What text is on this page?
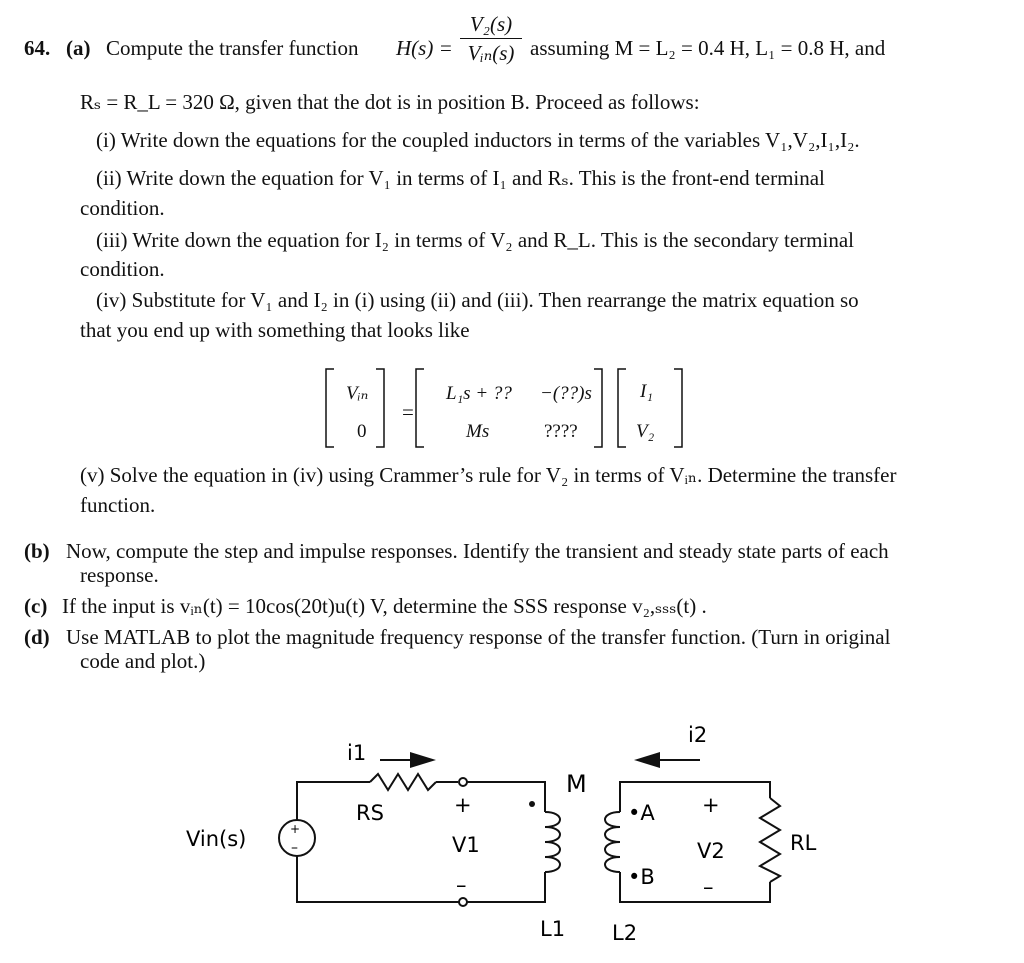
64. (a) Compute the transfer function H(s) =
V₂(s)
Vᵢₙ(s) assuming M = L₂ = 0.4 H, L₁ = 0.8 H, and
Rₛ = R_L = 320 Ω, given that the dot is in position B. Proceed as follows:
(i) Write down the equations for the coupled inductors in terms of the variables V₁,V₂,I₁,I₂.
(ii) Write down the equation for V₁ in terms of I₁ and Rₛ. This is the front-end terminal
condition.
(iii) Write down the equation for I₂ in terms of V₂ and R_L. This is the secondary terminal
condition.
(iv) Substitute for V₁ and I₂ in (i) using (ii) and (iii). Then rearrange the matrix equation so
that you end up with something that looks like
Vᵢₙ
0
=
L₁s + ?? −(??)s
Ms	????
I₁
V₂
(v) Solve the equation in (iv) using Crammer’s rule for V₂ in terms of Vᵢₙ. Determine the transfer
function.
(b) Now, compute the step and impulse responses. Identify the transient and steady state parts of each
response.
(c) If the input is vᵢₙ(t) = 10cos(20t)u(t) V, determine the SSS response v₂,ₛₛₛ(t) .
(d) Use MATLAB to plot the magnitude frequency response of the transfer function. (Turn in original
code and plot.)
+
–
Vin(s)
i1
RS	+
V1
–
M
•A
•B
i2
+
V2
–
RL
L1 L2
